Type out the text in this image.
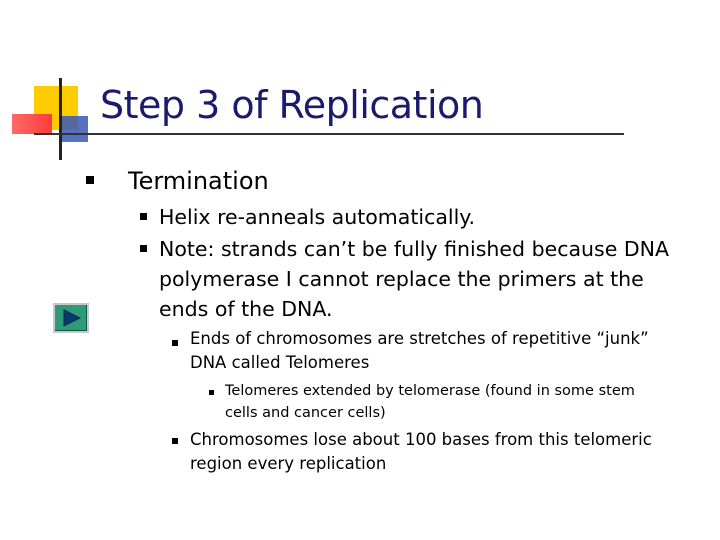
Step 3 of Replication

Termination

Helix re-anneals automatically.

Note: strands can’t be fully finished because DNA
polymerase I cannot replace the primers at the
ends of the DNA.

Ends of chromosomes are stretches of repetitive “junk”
DNA called Telomeres

Telomeres extended by telomerase (found in some stem
cells and cancer cells)

Chromosomes lose about 100 bases from this telomeric
region every replication
